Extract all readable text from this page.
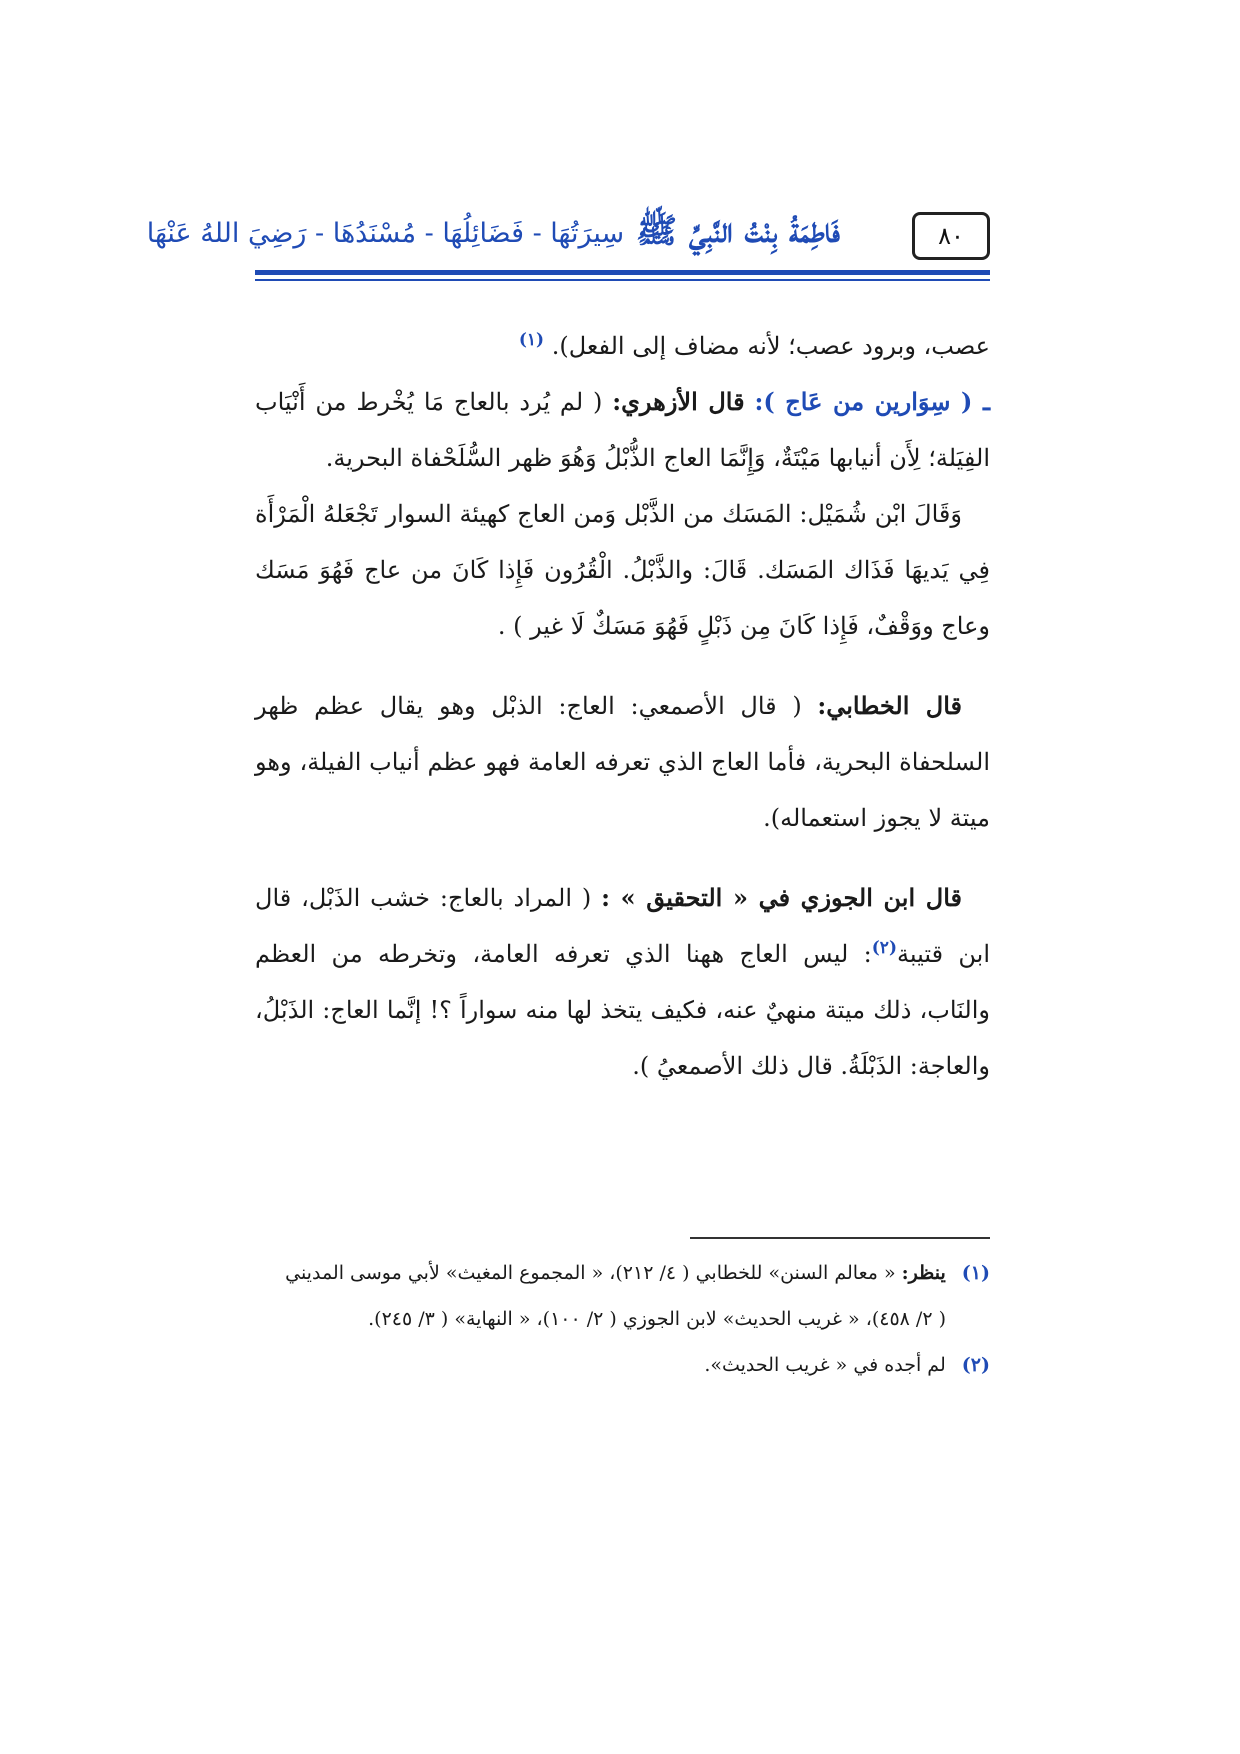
٨٠
فَاطِمَةُ بِنْتُ النَّبِيِّ ﷺ سِيرَتُهَا - فَضَائِلُهَا - مُسْنَدُهَا - رَضِيَ اللهُ عَنْهَا

عصب، وبرود عصب؛ لأنه مضاف إلى الفعل). $^{(١)}$

ـ ( سِوَارين من عَاج ): قال الأزهري: ( لم يُرد بالعاج مَا يُخْرط من أَنْيَاب الفِيَلة؛ لِأَن أنيابها مَيْتَةٌ، وَإِنَّمَا العاج الذُّبْلُ وَهُوَ ظهر السُّلَحْفاة البحرية.

وَقَالَ ابْن شُمَيْل: المَسَك من الذَّبْل وَمن العاج كهيئة السوار تَجْعَلهُ الْمَرْأَة فِي يَديهَا فَذَاك المَسَك. قَالَ: والذَّبْلُ. الْقُرُون فَإِذا كَانَ من عاج فَهُوَ مَسَك وعاج ووَقْفٌ، فَإِذا كَانَ مِن ذَبْلٍ فَهُوَ مَسَكٌ لَا غير ) .

قال الخطابي: ( قال الأصمعي: العاج: الذبْل وهو يقال عظم ظهر السلحفاة البحرية، فأما العاج الذي تعرفه العامة فهو عظم أنياب الفيلة، وهو ميتة لا يجوز استعماله).

قال ابن الجوزي في « التحقيق » : ( المراد بالعاج: خشب الذَبْل، قال ابن قتيبة$^{(٢)}$: ليس العاج ههنا الذي تعرفه العامة، وتخرطه من العظم والنَاب، ذلك ميتة منهيٌ عنه، فكيف يتخذ لها منه سواراً ؟! إنَّما العاج: الذَبْلُ، والعاجة: الذَبْلَةُ. قال ذلك الأصمعيُ ).

(١) ينظر: « معالم السنن» للخطابي ( ٤/ ٢١٢)، « المجموع المغيث» لأبي موسى المديني

( ٢/ ٤٥٨)، « غريب الحديث» لابن الجوزي ( ٢/ ١٠٠)، « النهاية» ( ٣/ ٢٤٥).

(٢) لم أجده في « غريب الحديث».
